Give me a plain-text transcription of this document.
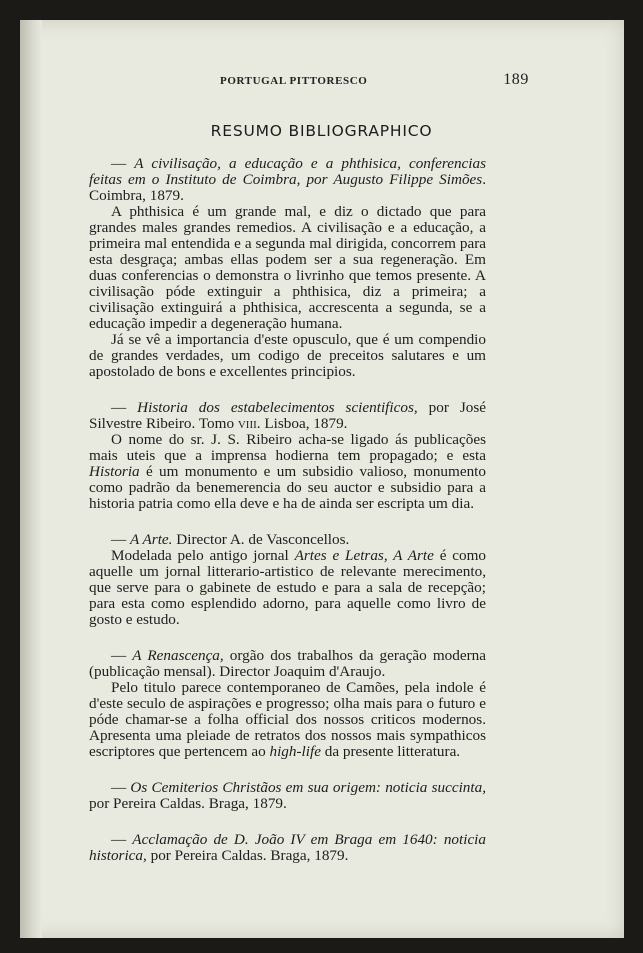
PORTUGAL PITTORESCO	189
RESUMO BIBLIOGRAPHICO

— A civilisação, a educação e a phthisica, conferencias feitas em o Instituto de Coimbra, por Augusto Filippe Simões. Coimbra, 1879.

A phthisica é um grande mal, e diz o dictado que para grandes males grandes remedios. A civilisação e a educação, a primeira mal entendida e a segunda mal dirigida, concorrem para esta desgraça; ambas ellas podem ser a sua regeneração. Em duas conferencias o demonstra o livrinho que temos presente. A civilisação póde extinguir a phthisica, diz a primeira; a civilisação extinguirá a phthisica, accrescenta a segunda, se a educação impedir a degeneração humana.

Já se vê a importancia d'este opusculo, que é um compendio de grandes verdades, um codigo de preceitos salutares e um apostolado de bons e excellentes principios.

— Historia dos estabelecimentos scientificos, por José Silvestre Ribeiro. Tomo viii. Lisboa, 1879.

O nome do sr. J. S. Ribeiro acha-se ligado ás publicações mais uteis que a imprensa hodierna tem propagado; e esta Historia é um monumento e um subsidio valioso, monumento como padrão da benemerencia do seu auctor e subsidio para a historia patria como ella deve e ha de ainda ser escripta um dia.

— A Arte. Director A. de Vasconcellos.

Modelada pelo antigo jornal Artes e Letras, A Arte é como aquelle um jornal litterario-artistico de relevante merecimento, que serve para o gabinete de estudo e para a sala de recepção; para esta como esplendido adorno, para aquelle como livro de gosto e estudo.

— A Renascença, orgão dos trabalhos da geração moderna (publicação mensal). Director Joaquim d'Araujo.

Pelo titulo parece contemporaneo de Camões, pela indole é d'este seculo de aspirações e progresso; olha mais para o futuro e póde chamar-se a folha official dos nossos criticos modernos. Apresenta uma pleiade de retratos dos nossos mais sympathicos escriptores que pertencem ao high-life da presente litteratura.

— Os Cemiterios Christãos em sua origem: noticia succinta, por Pereira Caldas. Braga, 1879.

— Acclamação de D. João IV em Braga em 1640: noticia historica, por Pereira Caldas. Braga, 1879.
